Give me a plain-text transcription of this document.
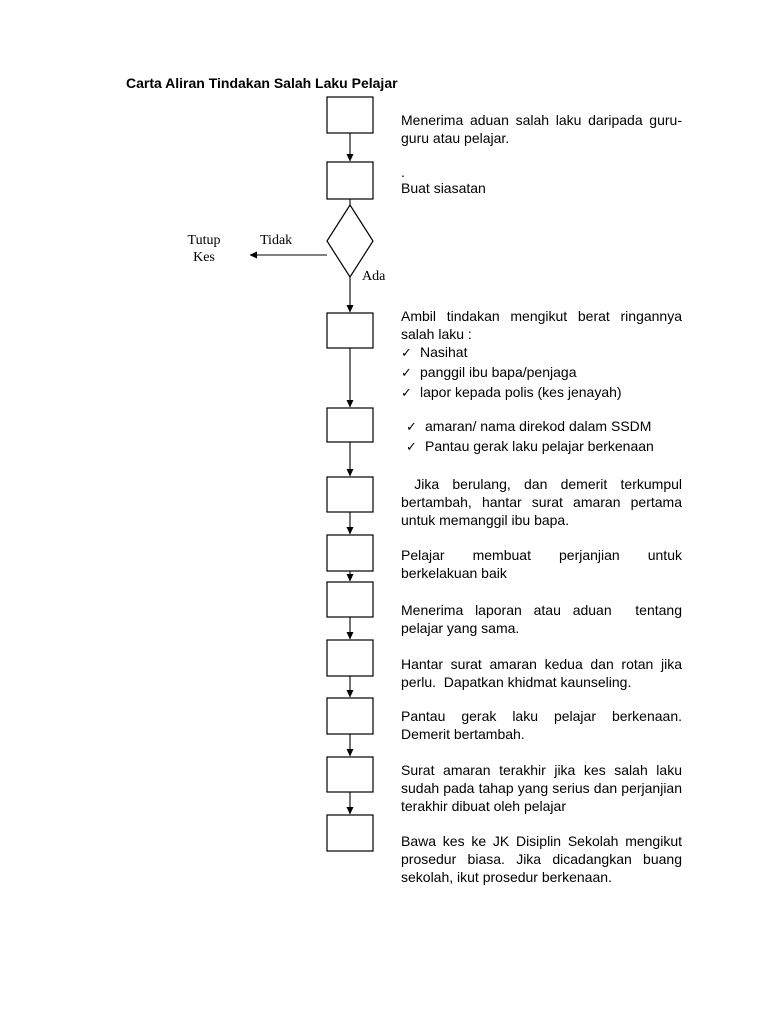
Carta Aliran Tindakan Salah Laku Pelajar
Tidak
Ada
Tutup
Kes
Menerima aduan salah laku daripada guru-guru atau pelajar.
.
Buat siasatan
Ambil tindakan mengikut berat ringannya salah laku :
✓ Nasihat
✓ panggil ibu bapa/penjaga
✓ lapor kepada polis (kes jenayah)
✓ amaran/ nama direkod dalam SSDM
✓ Pantau gerak laku pelajar berkenaan
Jika berulang, dan demerit terkumpul bertambah, hantar surat amaran pertama untuk memanggil ibu bapa.
Pelajar membuat perjanjian untuk berkelakuan baik
Menerima laporan atau aduan  tentang pelajar yang sama.
Hantar surat amaran kedua dan rotan jika perlu.  Dapatkan khidmat kaunseling.
Pantau gerak laku pelajar berkenaan. Demerit bertambah.
Surat amaran terakhir jika kes salah laku sudah pada tahap yang serius dan perjanjian terakhir dibuat oleh pelajar
Bawa kes ke JK Disiplin Sekolah mengikut prosedur biasa. Jika dicadangkan buang sekolah, ikut prosedur berkenaan.
